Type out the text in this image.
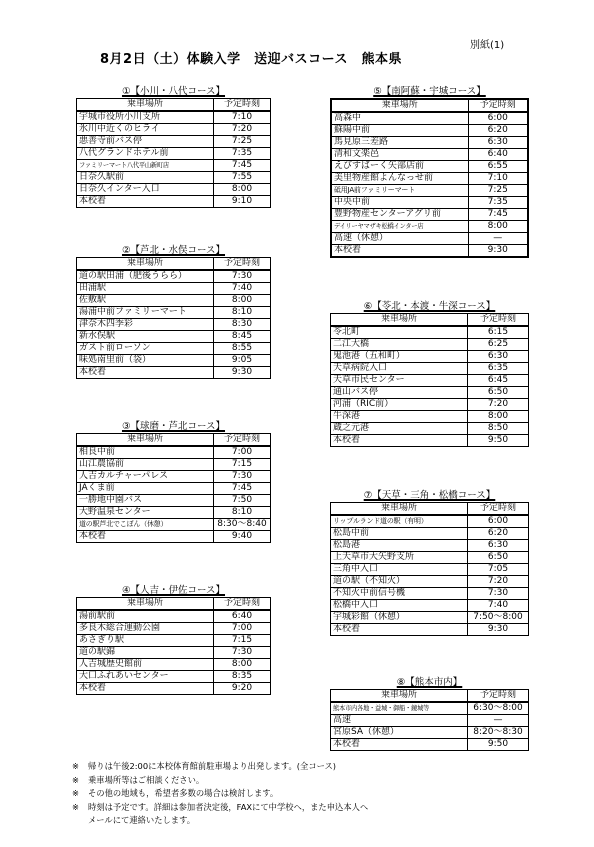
別紙(1)
8月2日（土）体験入学　送迎バスコース　熊本県
①【小川・八代コース】
乗車場所	予定時刻
宇城市役所小川支所	7:10
氷川中近くのヒライ	7:20
悪善寺前バス停	7:25
八代グランドホテル前	7:35
ファミリーマート八代平山新町店	7:45
日奈久駅前	7:55
日奈久インター入口	8:00
本校着	9:10
②【芦北・水俣コース】
乗車場所	予定時刻
道の駅田浦（肥後うらら）	7:30
田浦駅	7:40
佐敷駅	8:00
湯浦中前ファミリーマート	8:10
津奈木四季彩	8:30
新水俣駅	8:45
ガスト前ローソン	8:55
味処南里前（袋）	9:05
本校着	9:30
③【球磨・芦北コース】
乗車場所	予定時刻
相良中前	7:00
山江農協前	7:15
人吉カルチャーパレス	7:30
JAくま前	7:45
一勝地中園バス	7:50
大野温泉センター	8:10
道の駅芦北でこぼん（休憩）	8:30～8:40
本校着	9:40
④【人吉・伊佐コース】
乗車場所	予定時刻
湯前駅前	6:40
多良木総合運動公園	7:00
あさぎり駅	7:15
道の駅錦	7:30
人吉城歴史館前	8:00
大口ふれあいセンター	8:35
本校着	9:20
⑤【南阿蘇・宇城コース】
乗車場所	予定時刻
高森中	6:00
蘇陽中前	6:20
馬見原三差路	6:30
清和文楽邑	6:40
えびすばーく矢部店前	6:55
美里物産館よんなっせ前	7:10
砥用JA前ファミリーマート	7:25
中央中前	7:35
豊野物産センターアグリ前	7:45
デイリーヤマザキ松橋インター店	8:00
高速（休憩）	—
本校着	9:30
⑥【苓北・本渡・牛深コース】
乗車場所	予定時刻
苓北町	6:15
二江大橋	6:25
鬼池港（五和町）	6:30
天草病院入口	6:35
天草市民センター	6:45
通山バス停	6:50
河浦（RIC前）	7:20
牛深港	8:00
蔵之元港	8:50
本校着	9:50
⑦【天草・三角・松橋コース】
乗車場所	予定時刻
リップルランド道の駅（有明）	6:00
松島中前	6:20
松島港	6:30
上天草市大矢野支所	6:50
三角中入口	7:05
道の駅（不知火）	7:20
不知火中前信号機	7:30
松橋中入口	7:40
宇城彩館（休憩）	7:50～8:00
本校着	9:30
⑧【熊本市内】
乗車場所	予定時刻
熊本市内各地・益城・御船・鏡城等	6:30～8:00
高速	—
宮原SA（休憩）	8:20～8:30
本校着	9:50
※ 帰りは午後2:00に本校体育館前駐車場より出発します。(全コース)
※ 乗車場所等はご相談ください。
※ その他の地域も，希望者多数の場合は検討します。
※ 時刻は予定です。詳細は参加者決定後，FAXにて中学校へ，また申込本人へ
メールにて連絡いたします。
